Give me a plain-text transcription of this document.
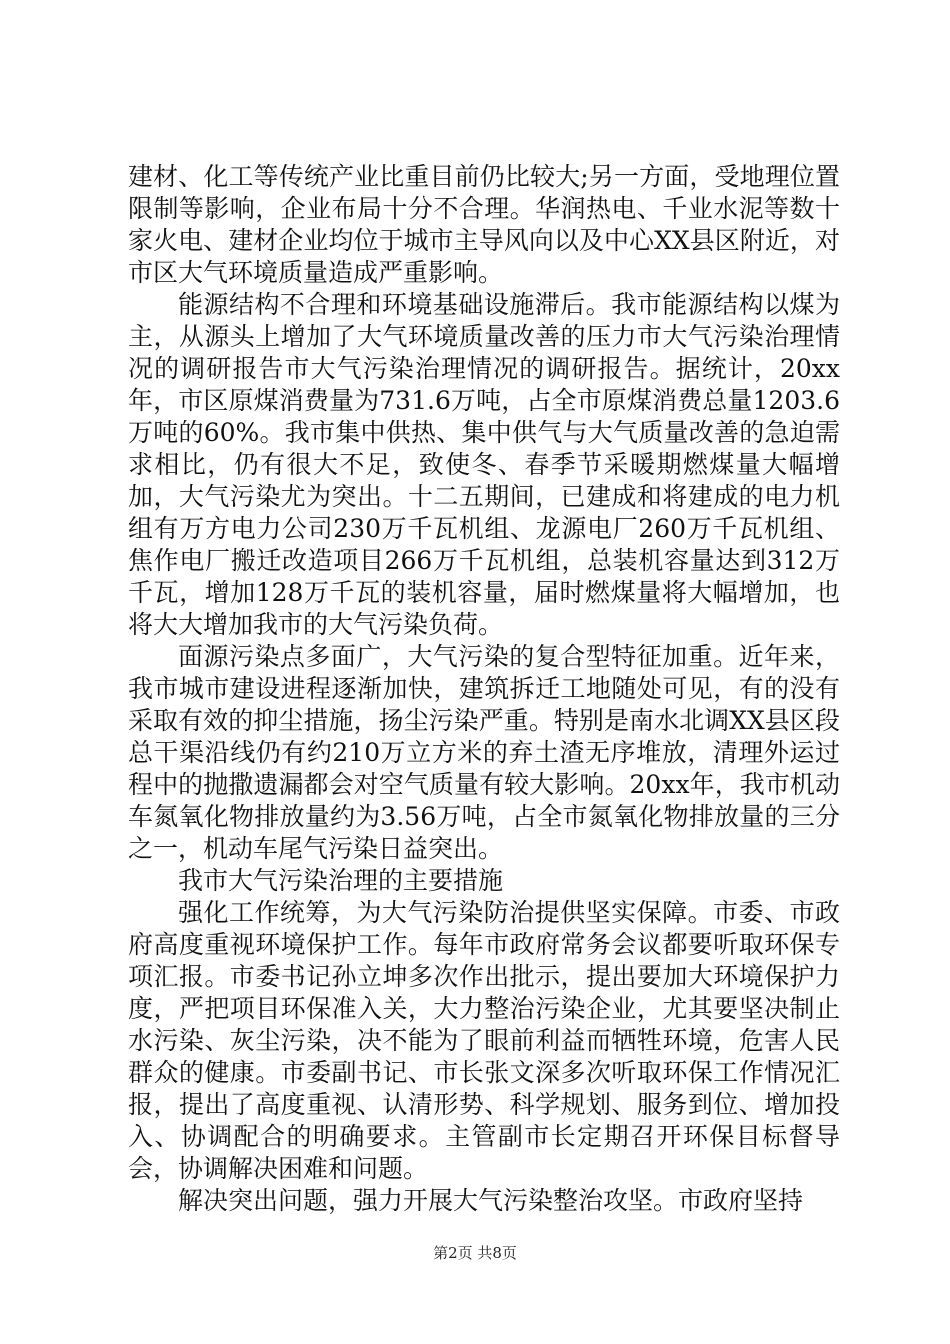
建材、化工等传统产业比重目前仍比较大;另一方面，受地理位置限制等影响，企业布局十分不合理。华润热电、千业水泥等数十家火电、建材企业均位于城市主导风向以及中心XX县区附近，对市区大气环境质量造成严重影响。

能源结构不合理和环境基础设施滞后。我市能源结构以煤为主，从源头上增加了大气环境质量改善的压力市大气污染治理情况的调研报告市大气污染治理情况的调研报告。据统计，20xx年，市区原煤消费量为731.6万吨，占全市原煤消费总量1203.6万吨的60%。我市集中供热、集中供气与大气质量改善的急迫需求相比，仍有很大不足，致使冬、春季节采暖期燃煤量大幅增加，大气污染尤为突出。十二五期间，已建成和将建成的电力机组有万方电力公司230万千瓦机组、龙源电厂260万千瓦机组、焦作电厂搬迁改造项目266万千瓦机组，总装机容量达到312万千瓦，增加128万千瓦的装机容量，届时燃煤量将大幅增加，也将大大增加我市的大气污染负荷。

面源污染点多面广，大气污染的复合型特征加重。近年来，我市城市建设进程逐渐加快，建筑拆迁工地随处可见，有的没有采取有效的抑尘措施，扬尘污染严重。特别是南水北调XX县区段总干渠沿线仍有约210万立方米的弃土渣无序堆放，清理外运过程中的抛撒遗漏都会对空气质量有较大影响。20xx年，我市机动车氮氧化物排放量约为3.56万吨，占全市氮氧化物排放量的三分之一，机动车尾气污染日益突出。

我市大气污染治理的主要措施

强化工作统筹，为大气污染防治提供坚实保障。市委、市政府高度重视环境保护工作。每年市政府常务会议都要听取环保专项汇报。市委书记孙立坤多次作出批示，提出要加大环境保护力度，严把项目环保准入关，大力整治污染企业，尤其要坚决制止水污染、灰尘污染，决不能为了眼前利益而牺牲环境，危害人民群众的健康。市委副书记、市长张文深多次听取环保工作情况汇报，提出了高度重视、认清形势、科学规划、服务到位、增加投入、协调配合的明确要求。主管副市长定期召开环保目标督导会，协调解决困难和问题。

解决突出问题，强力开展大气污染整治攻坚。市政府坚持

第2页 共8页
